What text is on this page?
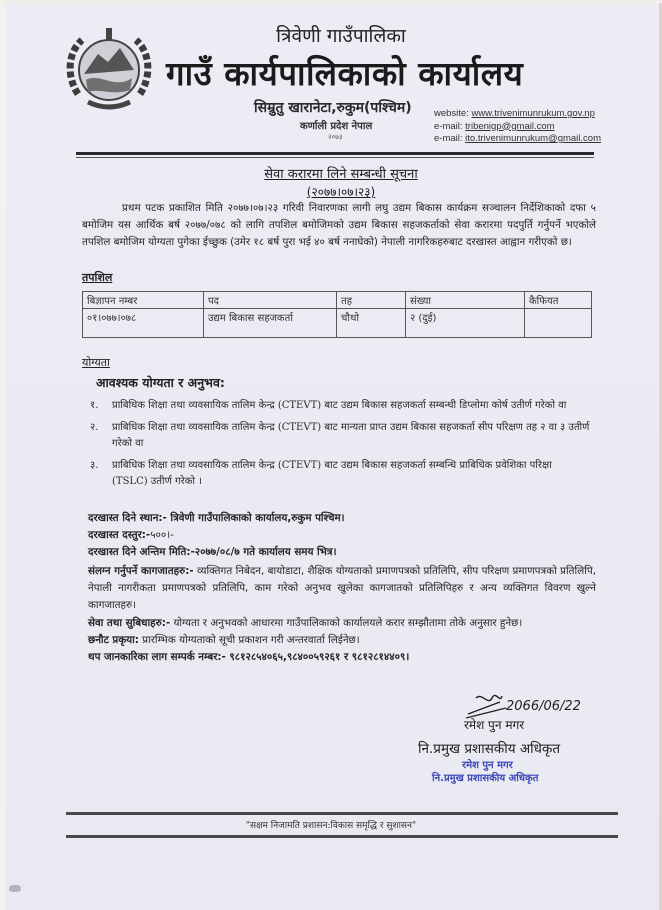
त्रिवेणी गाउँपालिका
गाउँ कार्यपालिकाको कार्यालय
सिम्रुतु खारानेटा,रुकुम(पश्चिम)
कर्णाली प्रदेश नेपाल
२०७३
website: www.trivenimunrukum.gov.np
e-mail: tribenigp@gmail.com
e-mail: ito.trivenimunrukum@gmail.com
सेवा करारमा लिने सम्बन्धी सूचना
(२०७७।०७।२३)
प्रथम पटक प्रकाशित मिति २०७७।०७।२३ गरिवी निवारणका लागी लघु उद्यम बिकास कार्यक्रम सञ्चालन निर्देशिकाको दफा ५ बमोजिम यस आर्थिक बर्ष २०७७/०७८ को लागि तपशिल बमोजिमको उद्यम बिकास सहजकर्ताको सेवा करारमा पदपुर्ति गर्नुपर्ने भएकोले तपशिल बमोजिम योग्यता पुगेका ईच्छुक (उमेर १८ बर्ष पुरा भई ४० बर्ष ननाघेको) नेपाली नागरिकहरुबाट दरखास्त आह्वान गरीएको छ।
तपशिल
बिज्ञापन नम्बर	पद	तह	संख्या	कैफियत
०१।०७७।०७८	उद्यम बिकास सहजकर्ता	चौथो	२ (दुई)	
योग्यता
आवश्यक योग्यता र अनुभव:
१. प्राबिधिक शिक्षा तथा व्यवसायिक तालिम केन्द्र (CTEVT) बाट उद्यम बिकास सहजकर्ता सम्बन्धी डिप्लोमा कोर्ष उतीर्ण गरेको वा
२. प्राबिधिक शिक्षा तथा व्यवसायिक तालिम केन्द्र (CTEVT) बाट मान्यता प्राप्त उद्यम बिकास सहजकर्ता सीप परिक्षण तह २ वा ३ उतीर्ण गरेको वा
३. प्राबिधिक शिक्षा तथा व्यवसायिक तालिम केन्द्र (CTEVT) बाट उद्यम बिकास सहजकर्ता सम्बन्धि प्राबिधिक प्रवेशिका परिक्षा (TSLC) उतीर्ण गरेको ।
दरखास्त दिने स्थान:- त्रिवेणी गाउँपालिकाको कार्यालय,रुकुम पश्चिम।
दरखास्त दस्तुर:-५००।-
दरखास्त दिने अन्तिम मिति:-२०७७/०८/७ गते कार्यालय समय भित्र।
संलग्न गर्नुपर्ने कागजातहरु:- व्यक्तिगत निबेदन, बायोडाटा, शैक्षिक योग्यताको प्रमाणपत्रको प्रतिलिपि, सीप परिक्षण प्रमाणपत्रको प्रतिलिपि, नेपाली नागरीकता प्रमाणपत्रको प्रतिलिपि, काम गरेको अनुभव खुलेका कागजातको प्रतिलिपिहरु र अन्य व्यक्तिगत विवरण खुल्ने कागजातहरु।
सेवा तथा सुबिधाहरु:- योग्यता र अनुभवको आधारमा गाउँपालिकाको कार्यालयले करार सम्झौतामा तोके अनुसार हुनेछ।
छनौट प्रकृया: प्रारम्भिक योग्यताको सूची प्रकाशन गरी अन्तरवार्ता लिईनेछ।
थप जानकारिका लाग सम्पर्क नम्बर:- ९८१२८५४०६५,९८४००५९२६१ र ९८१२८१४४०९।
2066/06/22
रमेश पुन मगर
नि.प्रमुख प्रशासकीय अधिकृत
रमेश पुन मगर
नि.प्रमुख प्रशासकीय अधिकृत
"सक्षम निजामति प्रशासन:विकास समृद्धि र सुशासन"
